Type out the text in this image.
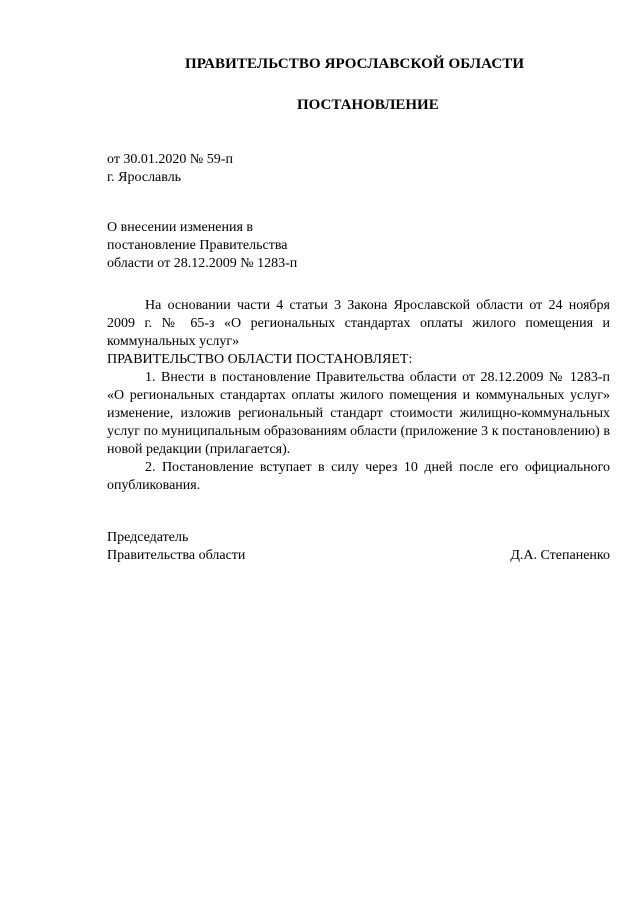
ПРАВИТЕЛЬСТВО ЯРОСЛАВСКОЙ ОБЛАСТИ
ПОСТАНОВЛЕНИЕ
от 30.01.2020 № 59-п
г. Ярославль
О внесении изменения в
постановление Правительства
области от 28.12.2009 № 1283-п

На основании части 4 статьи 3 Закона Ярославской области от 24 ноября 2009 г. № 65-з «О региональных стандартах оплаты жилого помещения и коммунальных услуг»

ПРАВИТЕЛЬСТВО ОБЛАСТИ ПОСТАНОВЛЯЕТ:

1. Внести в постановление Правительства области от 28.12.2009 № 1283-п «О региональных стандартах оплаты жилого помещения и коммунальных услуг» изменение, изложив региональный стандарт стоимости жилищно-коммунальных услуг по муниципальным образованиям области (приложение 3 к постановлению) в новой редакции (прилагается).

2. Постановление вступает в силу через 10 дней после его официального опубликования.

Председатель
Правительства области	Д.А. Степаненко
